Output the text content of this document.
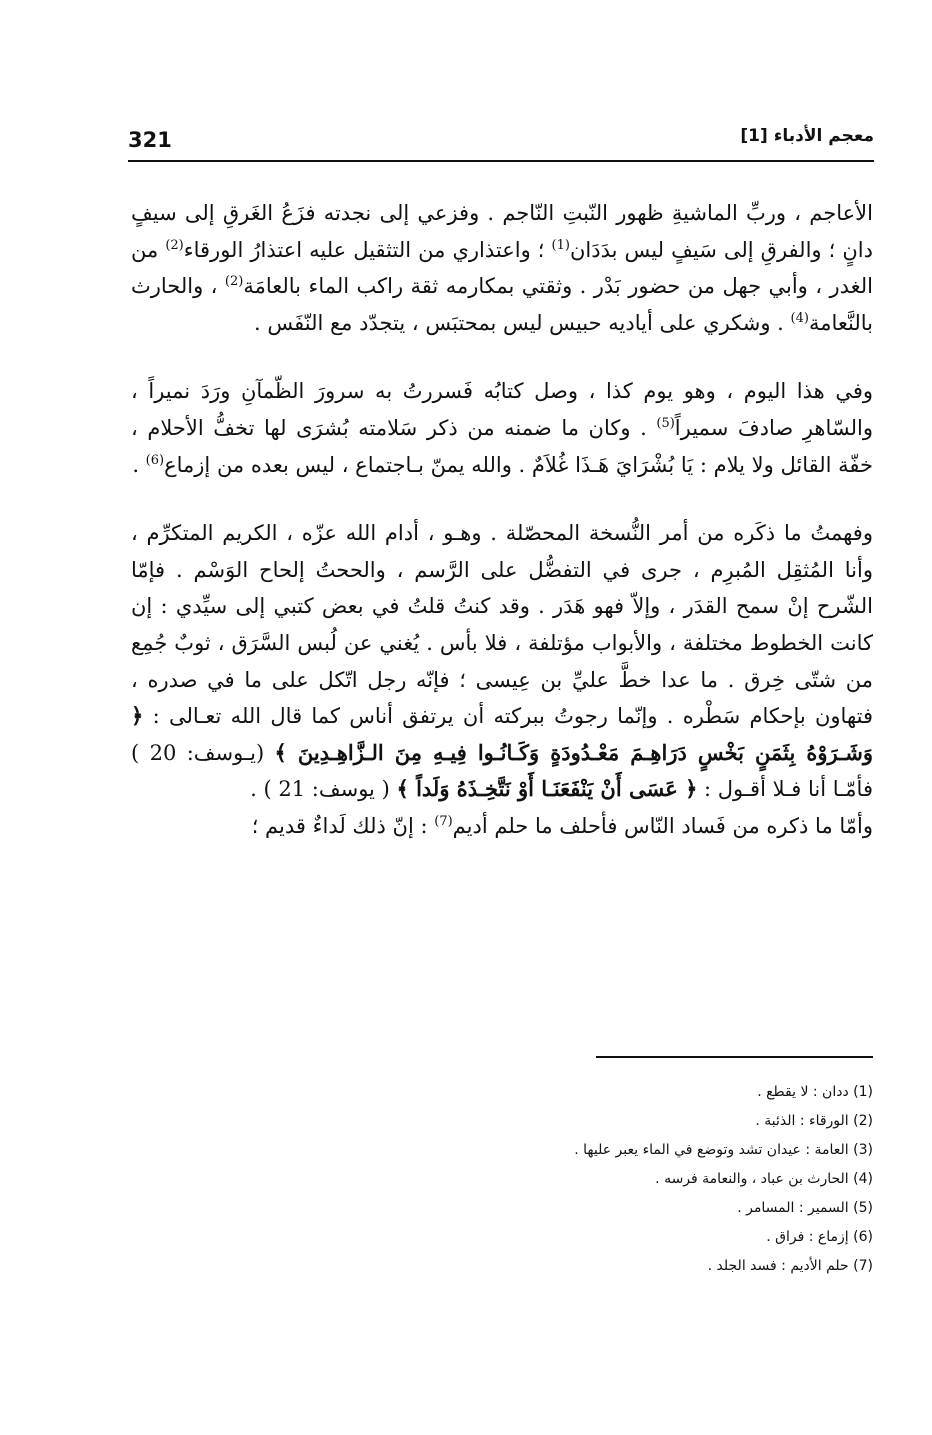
321	معجم الأدباء [1]

الأعاجم ، وربِّ الماشيةِ ظهور النّبتِ النّاجم . وفزعي إلى نجدته فزَعُ الغَرقِ إلى سيفٍ دانٍ ؛ والفرقِ إلى سَيفٍ ليس بدَدَان$^{(1)}$ ؛ واعتذاري من التثقيل عليه اعتذارُ الورقاء$^{(2)}$ من الغدر ، وأبي جهل من حضور بَدْر . وثقتي بمكارمه ثقة راكب الماء بالعامَة$^{(2)}$ ، والحارث بالنَّعامة$^{(4)}$ . وشكري على أياديه حبيس ليس بمحتبَس ، يتجدّد مع النّفَس .

وفي هذا اليوم ، وهو يوم كذا ، وصل كتابُه فَسررتُ به سرورَ الظّمآنِ ورَدَ نميراً ، والسّاهرِ صادفَ سميراً$^{(5)}$ . وكان ما ضمنه من ذكر سَلامته بُشرَى لها تخفُّ الأحلام ، خفّة القائل ولا يلام : يَا بُشْرَايَ هَـذَا غُلاَمٌ . والله يمنّ بـاجتماع ، ليس بعده من إزماع$^{(6)}$ .

وفهمتُ ما ذكَره من أمر النُّسخة المحصّلة . وهـو ، أدام الله عزّه ، الكريم المتكرِّم ، وأنا المُثقِل المُبرِم ، جرى في التفضُّل على الرَّسم ، والححتُ إلحاح الوَسْم . فإمّا الشّرح إنْ سمح القدَر ، وإلاّ فهو هَدَر . وقد كنتُ قلتُ في بعض كتبي إلى سيِّدي : إن كانت الخطوط مختلفة ، والأبواب مؤتلفة ، فلا بأس . يُغني عن لُبس السَّرَق ، ثوبٌ جُمِع من شتّى خِرق . ما عدا خطَّ عليِّ بن عِيسى ؛ فإنّه رجل اتّكل على ما في صدره ، فتهاون بإحكام سَطْره . وإنّما رجوتُ ببركته أن يرتفق أناس كما قال الله تعـالى : ﴿ وَشَـرَوْهُ بِثَمَنٍ بَخْسٍ دَرَاهِـمَ مَعْـدُودَةٍ وَكَـانُـوا فِيـهِ مِنَ الـزَّاهِـدِينَ ﴾ (يـوسف: 20 ) فأمّـا أنا فـلا أقـول : ﴿ عَسَى أَنْ يَنْفَعَنَـا أَوْ نَتَّخِـذَهُ وَلَداً ﴾ ( يوسف: 21 ) .

وأمّا ما ذكره من فَساد النّاس فأحلف ما حلم أديم$^{(7)}$ : إنّ ذلك لَداءٌ قديم ؛

(1) ددان : لا يقطع .

(2) الورقاء : الذئبة .

(3) العامة : عيدان تشد وتوضع في الماء يعبر عليها .

(4) الحارث بن عباد ، والنعامة فرسه .

(5) السمير : المسامر .

(6) إزماع : فراق .

(7) حلم الأديم : فسد الجلد .
